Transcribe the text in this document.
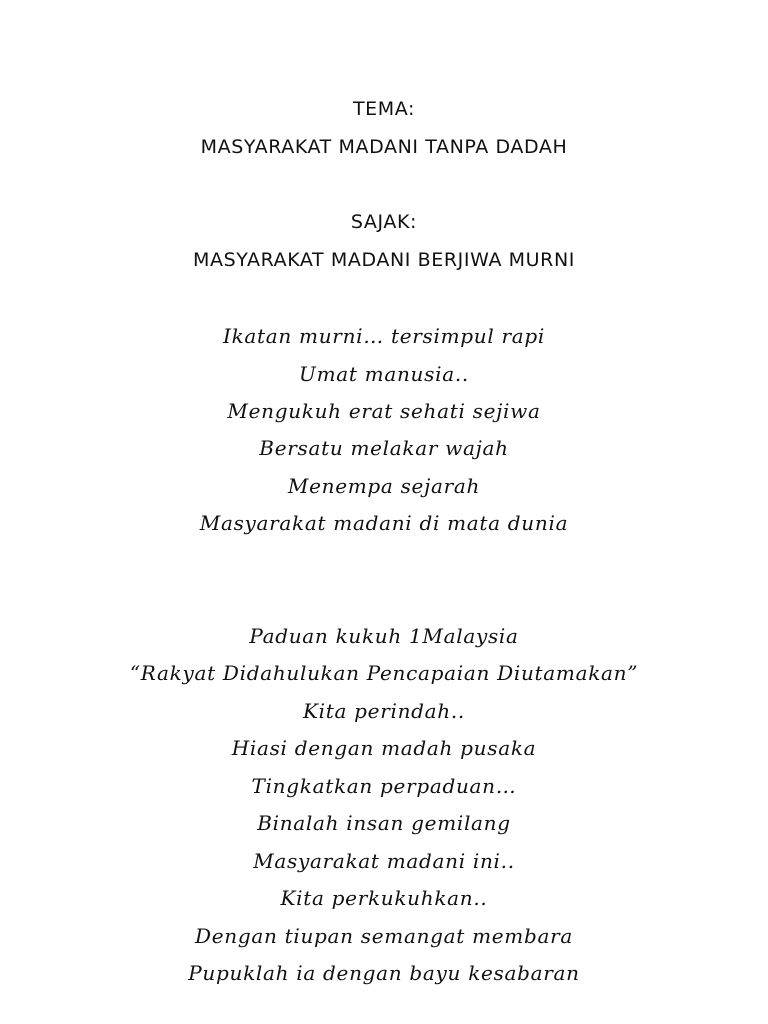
TEMA:
MASYARAKAT MADANI TANPA DADAH
SAJAK:
MASYARAKAT MADANI BERJIWA MURNI
Ikatan murni… tersimpul rapi
Umat manusia..
Mengukuh erat sehati sejiwa
Bersatu melakar wajah
Menempa sejarah
Masyarakat madani di mata dunia
Paduan kukuh 1Malaysia
“Rakyat Didahulukan Pencapaian Diutamakan”
Kita perindah..
Hiasi dengan madah pusaka
Tingkatkan perpaduan…
Binalah insan gemilang
Masyarakat madani ini..
Kita perkukuhkan..
Dengan tiupan semangat membara
Pupuklah ia dengan bayu kesabaran
